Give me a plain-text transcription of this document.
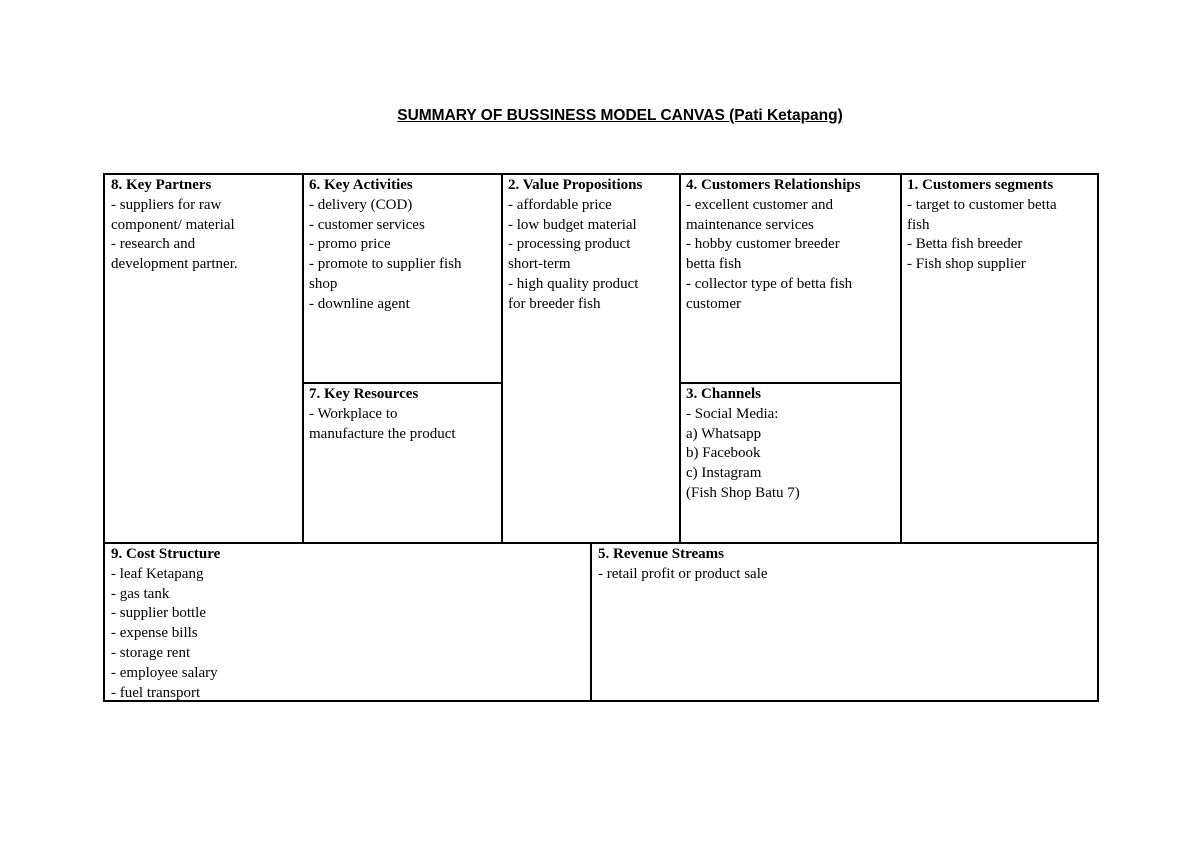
SUMMARY OF BUSSINESS MODEL CANVAS (Pati Ketapang)
8. Key Partners
- suppliers for raw
component/ material
- research and
development partner.
6. Key Activities
- delivery (COD)
- customer services
- promo price
- promote to supplier fish
shop
- downline agent
7. Key Resources
- Workplace to
manufacture the product
2. Value Propositions
- affordable price
- low budget material
- processing product
short-term
- high quality product
for breeder fish
4. Customers Relationships
- excellent customer and
maintenance services
- hobby customer breeder
betta fish
- collector type of betta fish
customer
3. Channels
- Social Media:
a) Whatsapp
b) Facebook
c) Instagram
(Fish Shop Batu 7)
1. Customers segments
- target to customer betta
fish
- Betta fish breeder
- Fish shop supplier
9. Cost Structure
- leaf Ketapang
- gas tank
- supplier bottle
- expense bills
- storage rent
- employee salary
- fuel transport
5. Revenue Streams
- retail profit or product sale
